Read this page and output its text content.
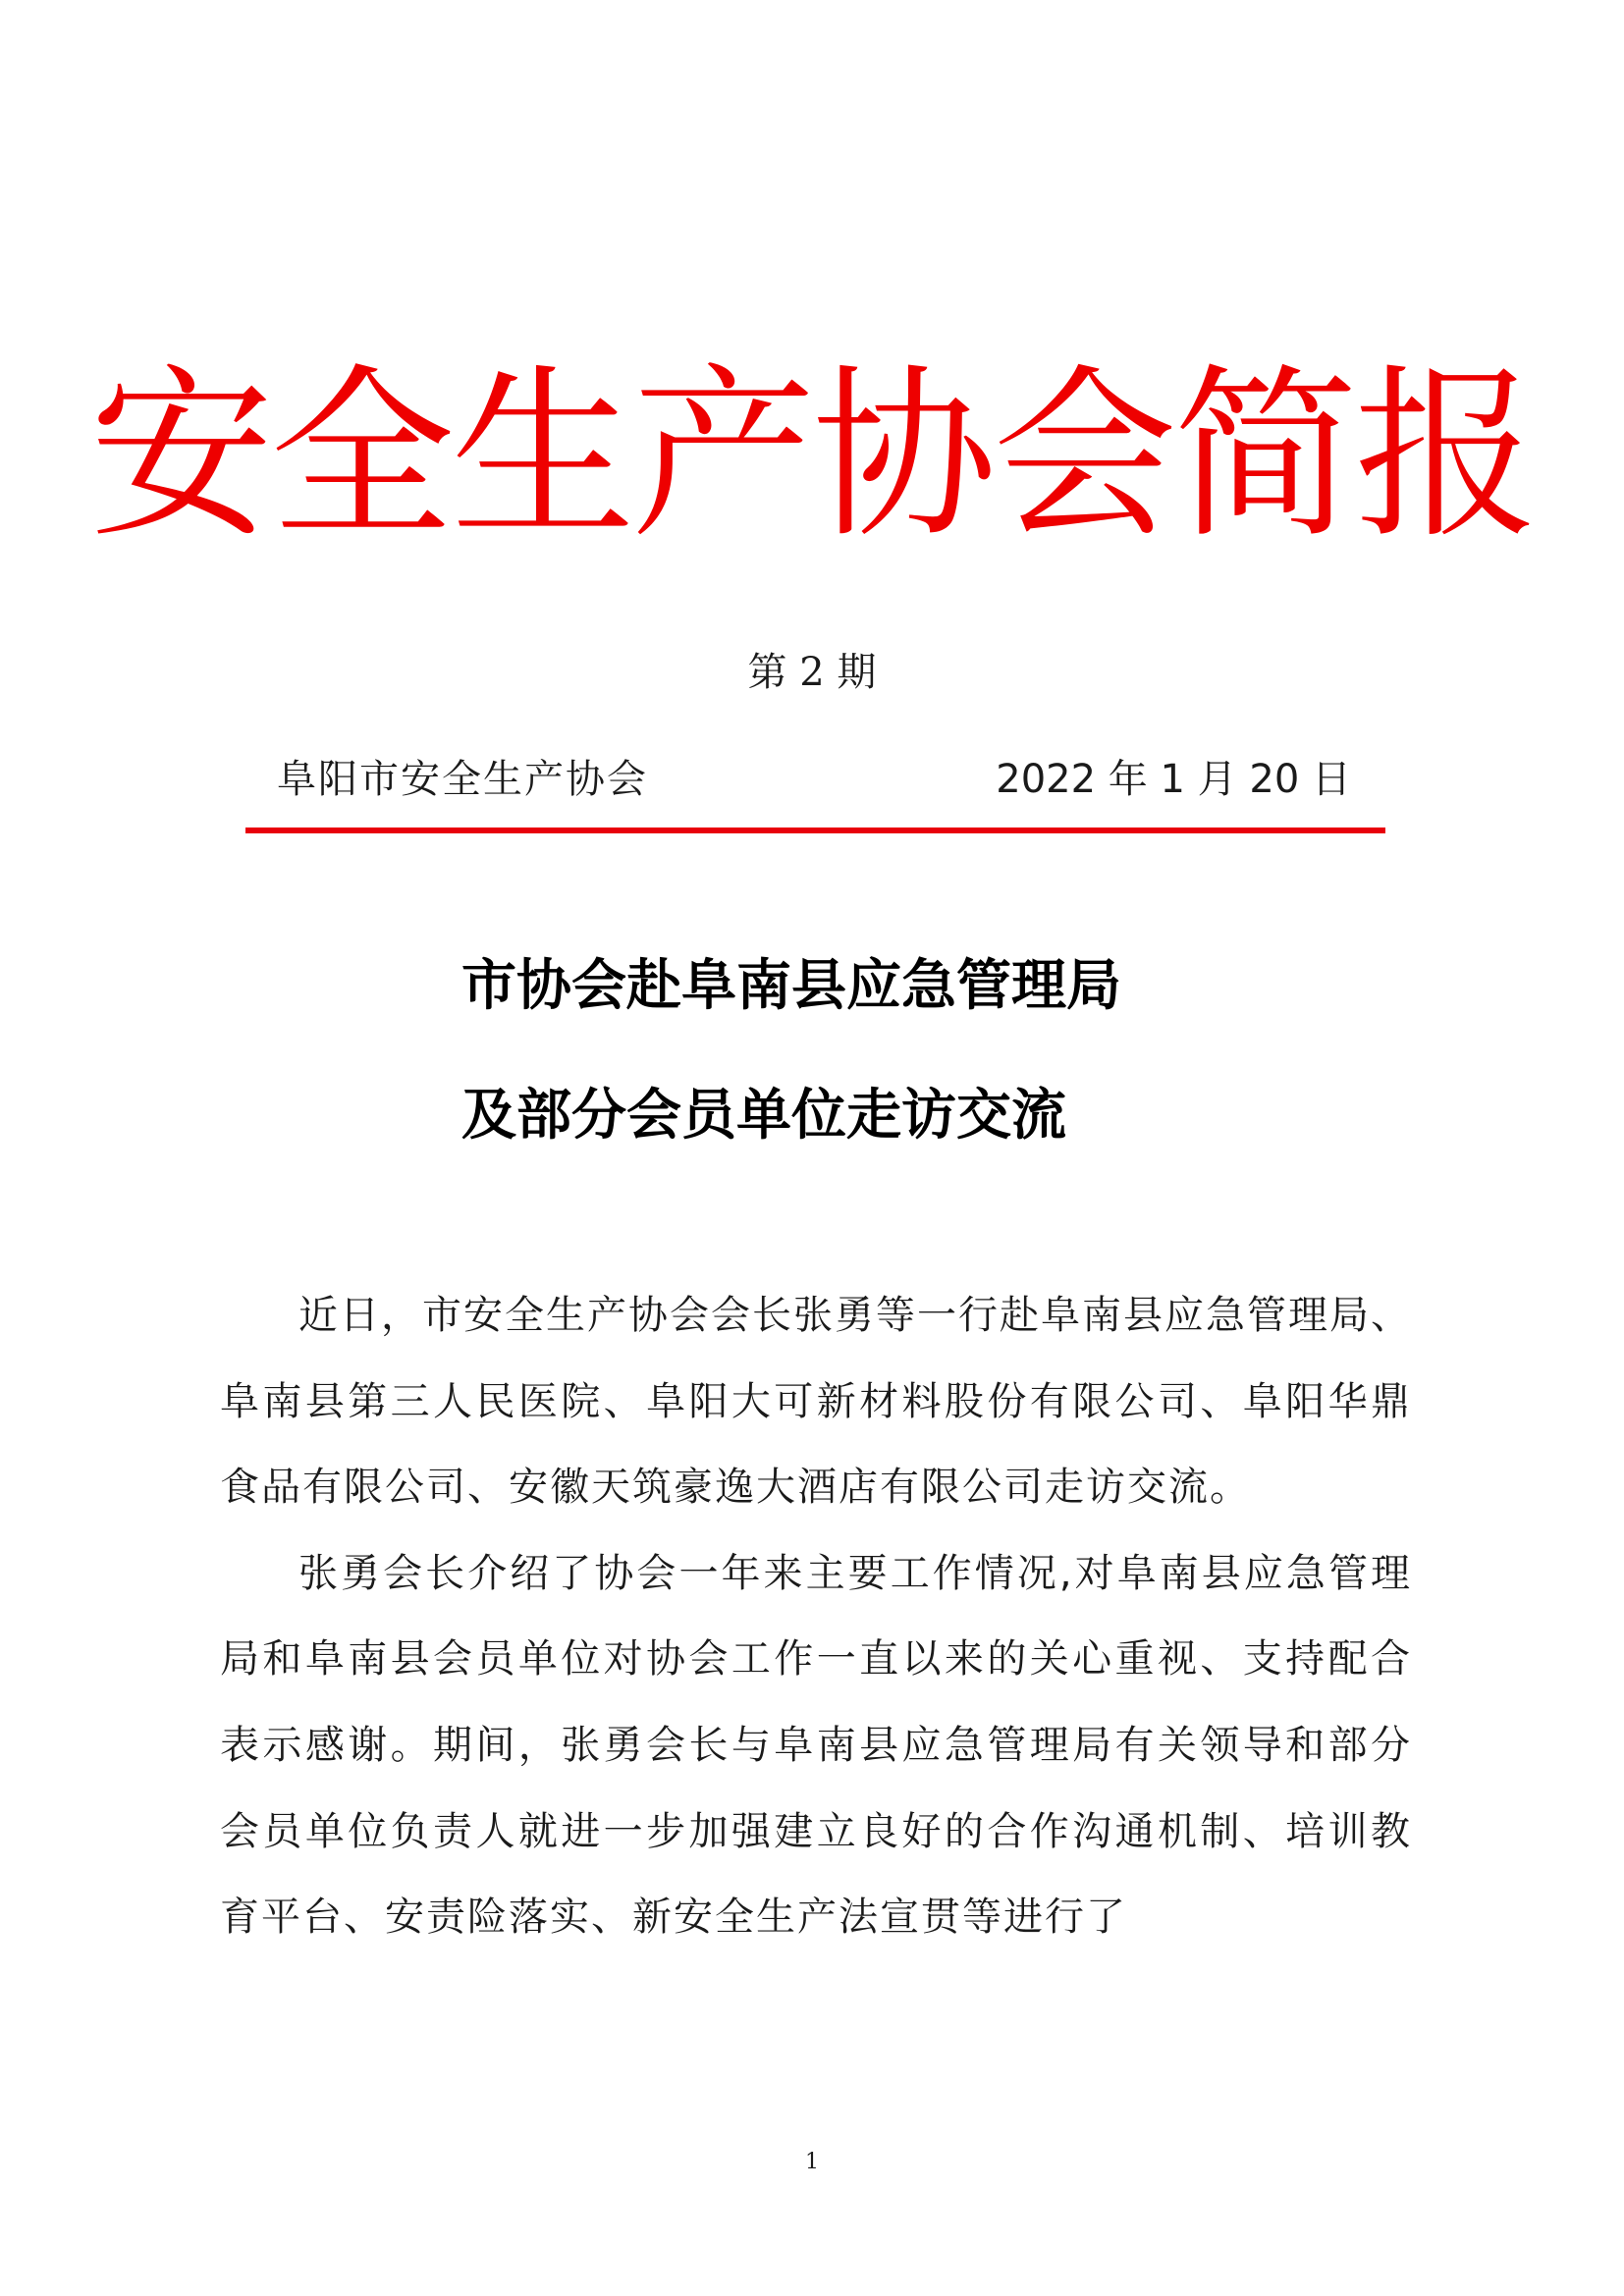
安全生产协会简报
第 2 期
阜阳市安全生产协会	2022 年 1 月 20 日
市协会赴阜南县应急管理局
及部分会员单位走访交流

近日，市安全生产协会会长张勇等一行赴阜南县应急管理局、阜南县第三人民医院、阜阳大可新材料股份有限公司、阜阳华鼎食品有限公司、安徽天筑豪逸大酒店有限公司走访交流。

张勇会长介绍了协会一年来主要工作情况,对阜南县应急管理局和阜南县会员单位对协会工作一直以来的关心重视、支持配合表示感谢。期间，张勇会长与阜南县应急管理局有关领导和部分会员单位负责人就进一步加强建立良好的合作沟通机制、培训教育平台、安责险落实、新安全生产法宣贯等进行了

1
